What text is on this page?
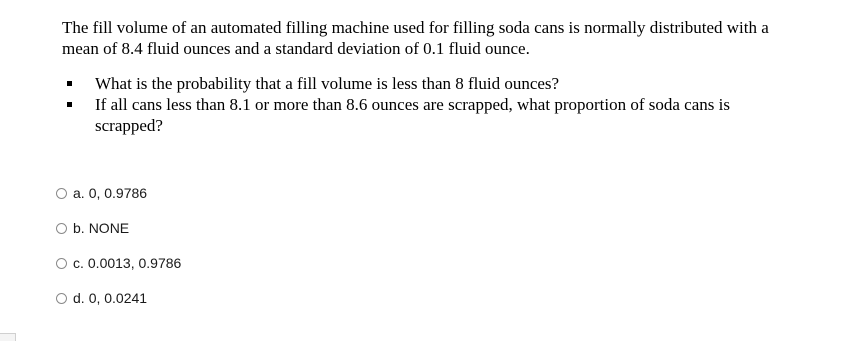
The fill volume of an automated filling machine used for filling soda cans is normally distributed with a mean of 8.4 fluid ounces and a standard deviation of 0.1 fluid ounce.

What is the probability that a fill volume is less than 8 fluid ounces?
If all cans less than 8.1 or more than 8.6 ounces are scrapped, what proportion of soda cans is scrapped?
a. 0, 0.9786
b. NONE
c. 0.0013, 0.9786
d. 0, 0.0241
